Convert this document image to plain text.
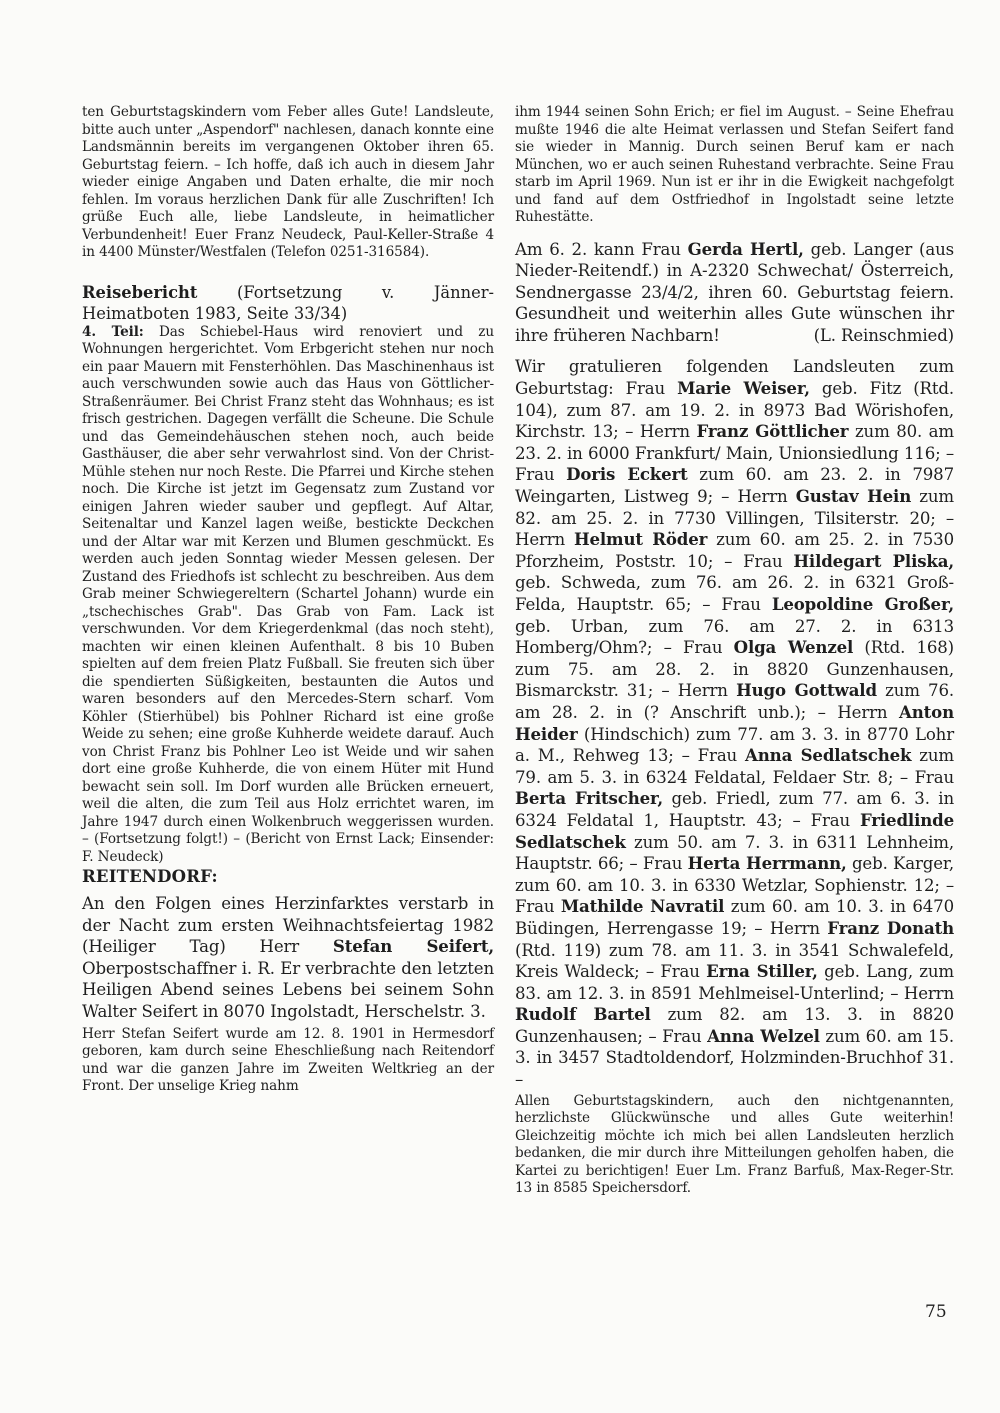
ten Geburtstagskindern vom Feber alles Gute! Landsleute, bitte auch unter „Aspendorf" nachlesen, danach konnte eine Landsmännin bereits im vergangenen Oktober ihren 65. Geburtstag feiern. – Ich hoffe, daß ich auch in diesem Jahr wieder einige Angaben und Daten erhalte, die mir noch fehlen. Im voraus herzlichen Dank für alle Zuschriften! Ich grüße Euch alle, liebe Landsleute, in heimatlicher Verbundenheit! Euer Franz Neudeck, Paul-Keller-Straße 4 in 4400 Münster/Westfalen (Telefon 0251-316584).

Reisebericht (Fortsetzung v. Jänner-Heimatboten 1983, Seite 33/34)

4. Teil: Das Schiebel-Haus wird renoviert und zu Wohnungen hergerichtet. Vom Erbgericht stehen nur noch ein paar Mauern mit Fensterhöhlen. Das Maschinenhaus ist auch verschwunden sowie auch das Haus von Göttlicher-Straßenräumer. Bei Christ Franz steht das Wohnhaus; es ist frisch gestrichen. Dagegen verfällt die Scheune. Die Schule und das Gemeindehäuschen stehen noch, auch beide Gasthäuser, die aber sehr verwahrlost sind. Von der Christ-Mühle stehen nur noch Reste. Die Pfarrei und Kirche stehen noch. Die Kirche ist jetzt im Gegensatz zum Zustand vor einigen Jahren wieder sauber und gepflegt. Auf Altar, Seitenaltar und Kanzel lagen weiße, bestickte Deckchen und der Altar war mit Kerzen und Blumen geschmückt. Es werden auch jeden Sonntag wieder Messen gelesen. Der Zustand des Friedhofs ist schlecht zu beschreiben. Aus dem Grab meiner Schwiegereltern (Schartel Johann) wurde ein „tschechisches Grab". Das Grab von Fam. Lack ist verschwunden. Vor dem Kriegerdenkmal (das noch steht), machten wir einen kleinen Aufenthalt. 8 bis 10 Buben spielten auf dem freien Platz Fußball. Sie freuten sich über die spendierten Süßigkeiten, bestaunten die Autos und waren besonders auf den Mercedes-Stern scharf. Vom Köhler (Stierhübel) bis Pohlner Richard ist eine große Weide zu sehen; eine große Kuhherde weidete darauf. Auch von Christ Franz bis Pohlner Leo ist Weide und wir sahen dort eine große Kuhherde, die von einem Hüter mit Hund bewacht sein soll. Im Dorf wurden alle Brücken erneuert, weil die alten, die zum Teil aus Holz errichtet waren, im Jahre 1947 durch einen Wolkenbruch weggerissen wurden. – (Fortsetzung folgt!) – (Bericht von Ernst Lack; Einsender: F. Neudeck)

REITENDORF:

An den Folgen eines Herzinfarktes verstarb in der Nacht zum ersten Weihnachtsfeiertag 1982 (Heiliger Tag) Herr Stefan Seifert, Oberpostschaffner i. R. Er verbrachte den letzten Heiligen Abend seines Lebens bei seinem Sohn Walter Seifert in 8070 Ingolstadt, Herschelstr. 3.

Herr Stefan Seifert wurde am 12. 8. 1901 in Hermesdorf geboren, kam durch seine Eheschließung nach Reitendorf und war die ganzen Jahre im Zweiten Weltkrieg an der Front. Der unselige Krieg nahm

ihm 1944 seinen Sohn Erich; er fiel im August. – Seine Ehefrau mußte 1946 die alte Heimat verlassen und Stefan Seifert fand sie wieder in Mannig. Durch seinen Beruf kam er nach München, wo er auch seinen Ruhestand verbrachte. Seine Frau starb im April 1969. Nun ist er ihr in die Ewigkeit nachgefolgt und fand auf dem Ostfriedhof in Ingolstadt seine letzte Ruhestätte.

Am 6. 2. kann Frau Gerda Hertl, geb. Langer (aus Nieder-Reitendf.) in A-2320 Schwechat/ Österreich, Sendnergasse 23/4/2, ihren 60. Geburtstag feiern. Gesundheit und weiterhin alles Gute wünschen ihr ihre früheren Nachbarn!	(L. Reinschmied)

Wir gratulieren folgenden Landsleuten zum Geburtstag: Frau Marie Weiser, geb. Fitz (Rtd. 104), zum 87. am 19. 2. in 8973 Bad Wörishofen, Kirchstr. 13; – Herrn Franz Göttlicher zum 80. am 23. 2. in 6000 Frankfurt/ Main, Unionsiedlung 116; – Frau Doris Eckert zum 60. am 23. 2. in 7987 Weingarten, Listweg 9; – Herrn Gustav Hein zum 82. am 25. 2. in 7730 Villingen, Tilsiterstr. 20; – Herrn Helmut Röder zum 60. am 25. 2. in 7530 Pforzheim, Poststr. 10; – Frau Hildegart Pliska, geb. Schweda, zum 76. am 26. 2. in 6321 Groß-Felda, Hauptstr. 65; – Frau Leopoldine Großer, geb. Urban, zum 76. am 27. 2. in 6313 Homberg/Ohm?; – Frau Olga Wenzel (Rtd. 168) zum 75. am 28. 2. in 8820 Gunzenhausen, Bismarckstr. 31; – Herrn Hugo Gottwald zum 76. am 28. 2. in (? Anschrift unb.); – Herrn Anton Heider (Hindschich) zum 77. am 3. 3. in 8770 Lohr a. M., Rehweg 13; – Frau Anna Sedlatschek zum 79. am 5. 3. in 6324 Feldatal, Feldaer Str. 8; – Frau Berta Fritscher, geb. Friedl, zum 77. am 6. 3. in 6324 Feldatal 1, Hauptstr. 43; – Frau Friedlinde Sedlatschek zum 50. am 7. 3. in 6311 Lehnheim, Hauptstr. 66; – Frau Herta Herrmann, geb. Karger, zum 60. am 10. 3. in 6330 Wetzlar, Sophienstr. 12; – Frau Mathilde Navratil zum 60. am 10. 3. in 6470 Büdingen, Herrengasse 19; – Herrn Franz Donath (Rtd. 119) zum 78. am 11. 3. in 3541 Schwalefeld, Kreis Waldeck; – Frau Erna Stiller, geb. Lang, zum 83. am 12. 3. in 8591 Mehlmeisel-Unterlind; – Herrn Rudolf Bartel zum 82. am 13. 3. in 8820 Gunzenhausen; – Frau Anna Welzel zum 60. am 15. 3. in 3457 Stadtoldendorf, Holzminden-Bruchhof 31. –

Allen Geburtstagskindern, auch den nichtgenannten, herzlichste Glückwünsche und alles Gute weiterhin! Gleichzeitig möchte ich mich bei allen Landsleuten herzlich bedanken, die mir durch ihre Mitteilungen geholfen haben, die Kartei zu berichtigen! Euer Lm. Franz Barfuß, Max-Reger-Str. 13 in 8585 Speichersdorf.

75
